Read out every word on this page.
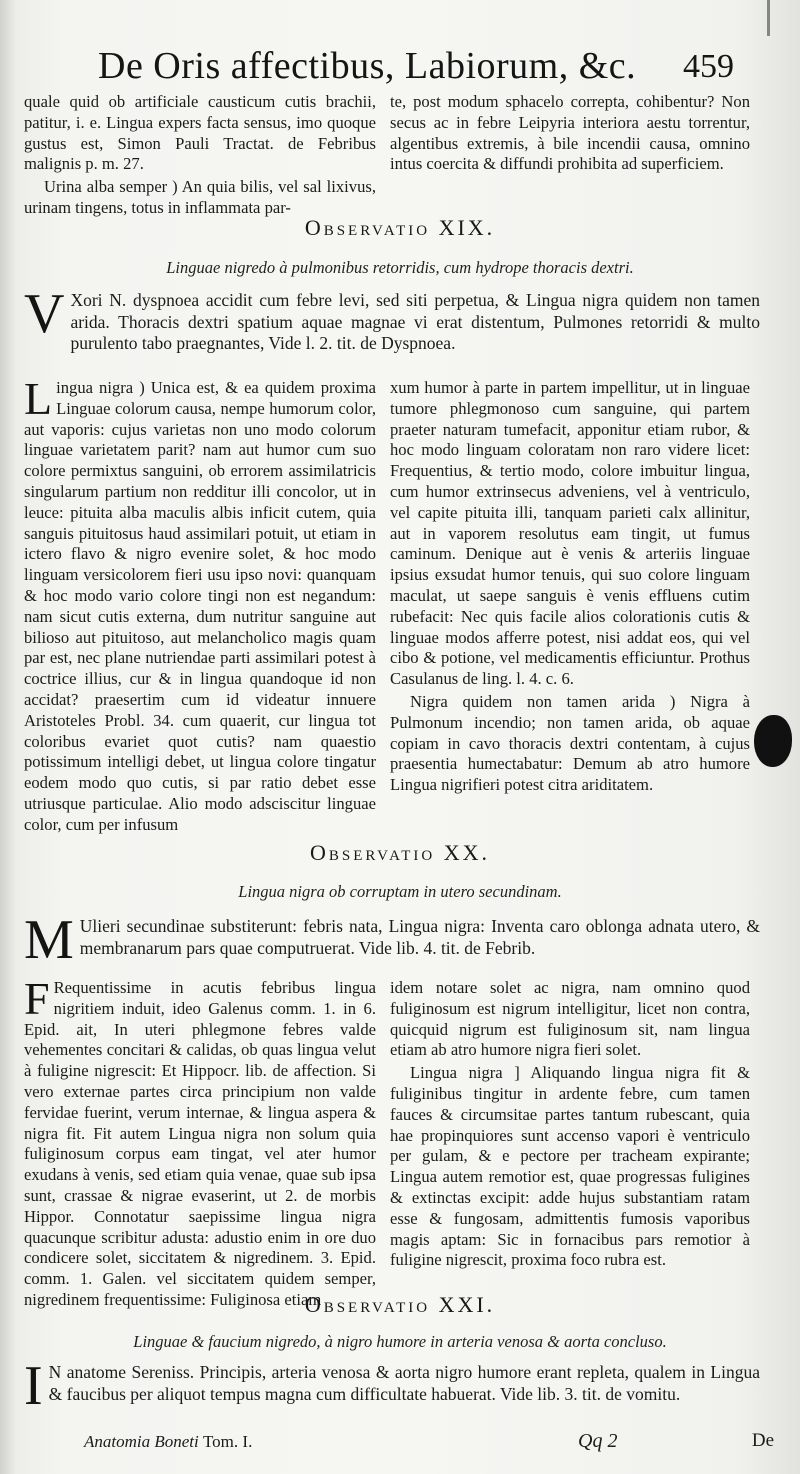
De Oris affectibus, Labiorum, &c. 459

quale quid ob artificiale causticum cutis brachii, patitur, i. e. Lingua expers facta sensus, imo quoque gustus est, Simon Pauli Tractat. de Febribus malignis p. m. 27.

Urina alba semper ) An quia bilis, vel sal lixivus, urinam tingens, totus in inflammata par-

te, post modum sphacelo correpta, cohibentur? Non secus ac in febre Leipyria interiora aestu torrentur, algentibus extremis, à bile incendii causa, omnino intus coercita & diffundi prohibita ad superficiem.

Observatio XIX.
Linguae nigredo à pulmonibus retorridis, cum hydrope thoracis dextri.
V Xori N. dyspnoea accidit cum febre levi, sed siti perpetua, & Lingua nigra quidem non tamen arida. Thoracis dextri spatium aquae magnae vi erat distentum, Pulmones retorridi & multo purulento tabo praegnantes, Vide l. 2. tit. de Dyspnoea.

L ingua nigra ) Unica est, & ea quidem proxima Linguae colorum causa, nempe humorum color, aut vaporis: cujus varietas non uno modo colorum linguae varietatem parit? nam aut humor cum suo colore permixtus sanguini, ob errorem assimilatricis singularum partium non redditur illi concolor, ut in leuce: pituita alba maculis albis inficit cutem, quia sanguis pituitosus haud assimilari potuit, ut etiam in ictero flavo & nigro evenire solet, & hoc modo linguam versicolorem fieri usu ipso novi: quanquam & hoc modo vario colore tingi non est negandum: nam sicut cutis externa, dum nutritur sanguine aut bilioso aut pituitoso, aut melancholico magis quam par est, nec plane nutriendae parti assimilari potest à coctrice illius, cur & in lingua quandoque id non accidat? praesertim cum id videatur innuere Aristoteles Probl. 34. cum quaerit, cur lingua tot coloribus evariet quot cutis? nam quaestio potissimum intelligi debet, ut lingua colore tingatur eodem modo quo cutis, si par ratio debet esse utriusque particulae. Alio modo adsciscitur linguae color, cum per infusum

xum humor à parte in partem impellitur, ut in linguae tumore phlegmonoso cum sanguine, qui partem praeter naturam tumefacit, apponitur etiam rubor, & hoc modo linguam coloratam non raro videre licet: Frequentius, & tertio modo, colore imbuitur lingua, cum humor extrinsecus adveniens, vel à ventriculo, vel capite pituita illi, tanquam parieti calx allinitur, aut in vaporem resolutus eam tingit, ut fumus caminum. Denique aut è venis & arteriis linguae ipsius exsudat humor tenuis, qui suo colore linguam maculat, ut saepe sanguis è venis effluens cutim rubefacit: Nec quis facile alios colorationis cutis & linguae modos afferre potest, nisi addat eos, qui vel cibo & potione, vel medicamentis efficiuntur. Prothus Casulanus de ling. l. 4. c. 6.

Nigra quidem non tamen arida ) Nigra à Pulmonum incendio; non tamen arida, ob aquae copiam in cavo thoracis dextri contentam, à cujus praesentia humectabatur: Demum ab atro humore Lingua nigrifieri potest citra ariditatem.

Observatio XX.
Lingua nigra ob corruptam in utero secundinam.
M Ulieri secundinae substiterunt: febris nata, Lingua nigra: Inventa caro oblonga adnata utero, & membranarum pars quae computruerat. Vide lib. 4. tit. de Febrib.

F Requentissime in acutis febribus lingua nigritiem induit, ideo Galenus comm. 1. in 6. Epid. ait, In uteri phlegmone febres valde vehementes concitari & calidas, ob quas lingua velut à fuligine nigrescit: Et Hippocr. lib. de affection. Si vero externae partes circa principium non valde fervidae fuerint, verum internae, & lingua aspera & nigra fit. Fit autem Lingua nigra non solum quia fuliginosum corpus eam tingat, vel ater humor exudans à venis, sed etiam quia venae, quae sub ipsa sunt, crassae & nigrae evaserint, ut 2. de morbis Hippor. Connotatur saepissime lingua nigra quacunque scribitur adusta: adustio enim in ore duo condicere solet, siccitatem & nigredinem. 3. Epid. comm. 1. Galen. vel siccitatem quidem semper, nigredinem frequentissime: Fuliginosa etiam

idem notare solet ac nigra, nam omnino quod fuliginosum est nigrum intelligitur, licet non contra, quicquid nigrum est fuliginosum sit, nam lingua etiam ab atro humore nigra fieri solet.

Lingua nigra ] Aliquando lingua nigra fit & fuliginibus tingitur in ardente febre, cum tamen fauces & circumsitae partes tantum rubescant, quia hae propinquiores sunt accenso vapori è ventriculo per gulam, & e pectore per tracheam expirante; Lingua autem remotior est, quae progressas fuligines & extinctas excipit: adde hujus substantiam ratam esse & fungosam, admittentis fumosis vaporibus magis aptam: Sic in fornacibus pars remotior à fuligine nigrescit, proxima foco rubra est.

Observatio XXI.
Linguae & faucium nigredo, à nigro humore in arteria venosa & aorta concluso.
I N anatome Sereniss. Principis, arteria venosa & aorta nigro humore erant repleta, qualem in Lingua & faucibus per aliquot tempus magna cum difficultate habuerat. Vide lib. 3. tit. de vomitu.
Anatomia Boneti Tom. I.	Qq 2	De
